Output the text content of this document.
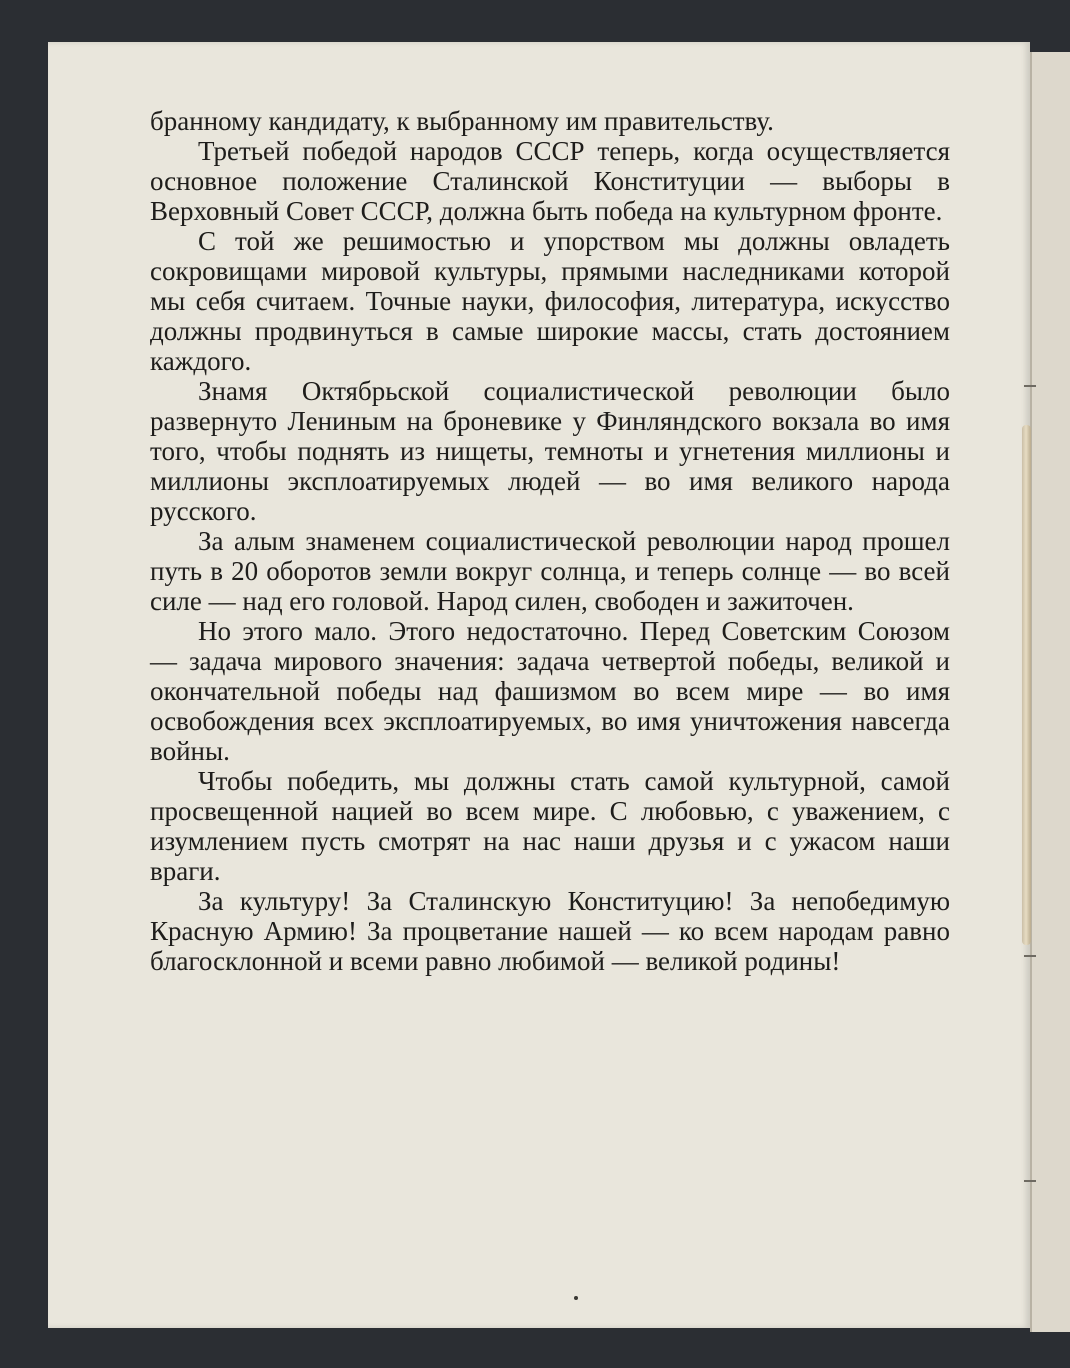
бранному кандидату, к выбранному им правительству.

Третьей победой народов СССР теперь, когда осуществляется основное положение Сталинской Конституции — выборы в Верховный Совет СССР, должна быть победа на культурном фронте.

С той же решимостью и упорством мы должны овладеть сокровищами мировой культуры, прямыми наследниками которой мы себя считаем. Точные науки, философия, литература, искусство должны продвинуться в самые широкие массы, стать достоянием каждого.

Знамя Октябрьской социалистической революции было развернуто Лениным на броневике у Финляндского вокзала во имя того, чтобы поднять из нищеты, темноты и угнетения миллионы и миллионы эксплоатируемых людей — во имя великого народа русского.

За алым знаменем социалистической революции народ прошел путь в 20 оборотов земли вокруг солнца, и теперь солнце — во всей силе — над его головой. Народ силен, свободен и зажиточен.

Но этого мало. Этого недостаточно. Перед Советским Союзом — задача мирового значения: задача четвертой победы, великой и окончательной победы над фашизмом во всем мире — во имя освобождения всех эксплоатируемых, во имя уничтожения навсегда войны.

Чтобы победить, мы должны стать самой культурной, самой просвещенной нацией во всем мире. С любовью, с уважением, с изумлением пусть смотрят на нас наши друзья и с ужасом наши враги.

За культуру! За Сталинскую Конституцию! За непобедимую Красную Армию! За процветание нашей — ко всем народам равно благосклонной и всеми равно любимой — великой родины!
